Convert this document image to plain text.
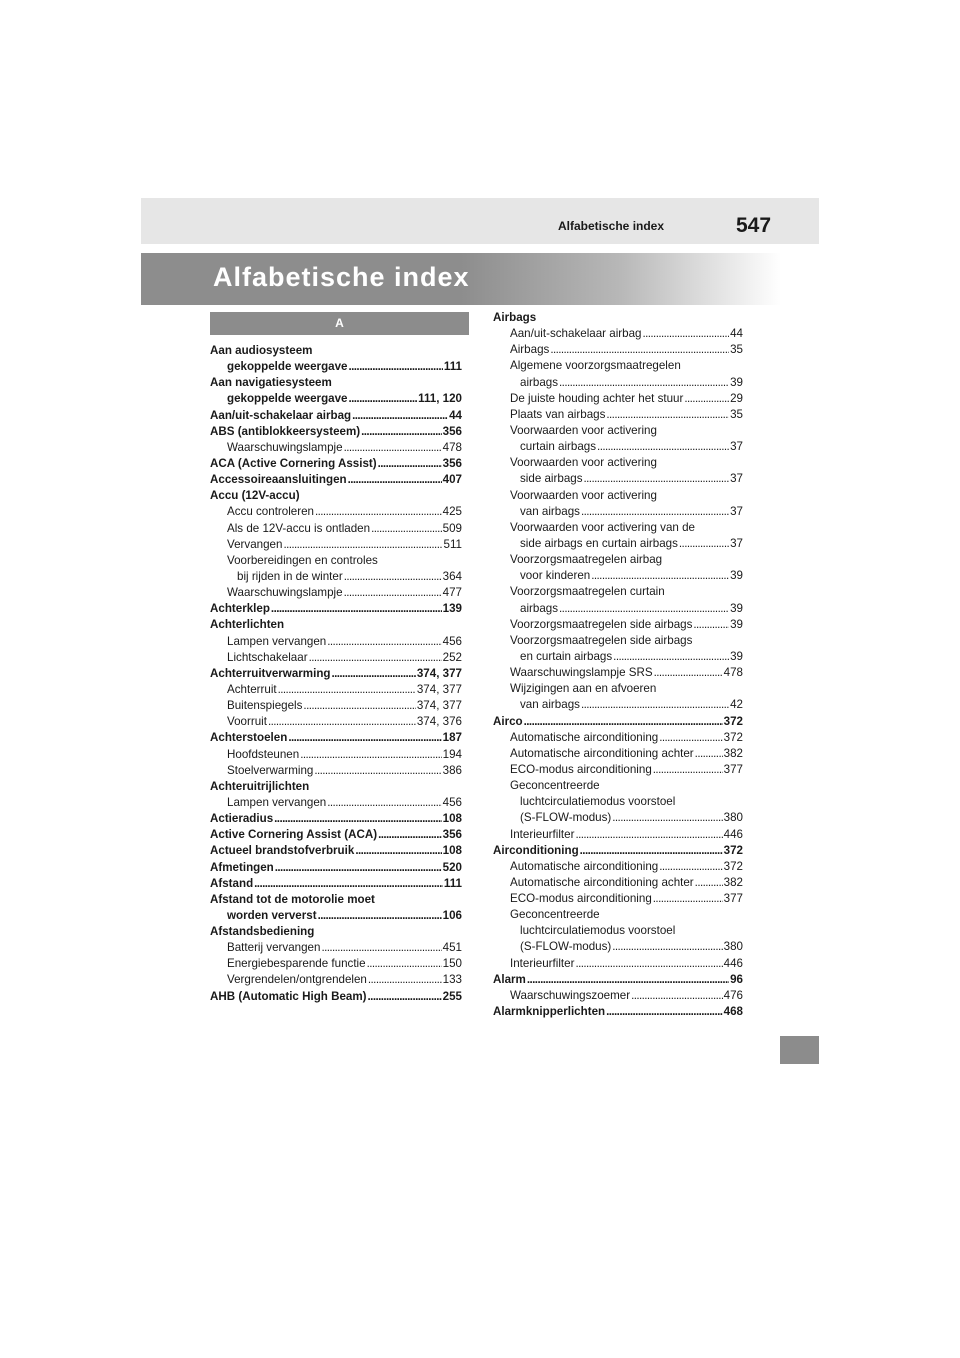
Alfabetische index	547
Alfabetische index
A
Aan audiosysteem
gekoppelde weergave . . .	111
Aan navigatiesysteem
gekoppelde weergave . . .	111, 120
Aan/uit-schakelaar airbag . . .	44
ABS (antiblokkeersysteem) . . .	356
Waarschuwingslampje . . .	478
ACA (Active Cornering Assist) . . .	356
Accessoireaansluitingen . . .	407
Accu (12V-accu)
Accu controleren . . .	425
Als de 12V-accu is ontladen . . .	509
Vervangen . . .	511
Voorbereidingen en controles
bij rijden in de winter . . .	364
Waarschuwingslampje . . .	477
Achterklep . . .	139
Achterlichten
Lampen vervangen . . .	456
Lichtschakelaar . . .	252
Achterruitverwarming . . .	374, 377
Achterruit . . .	374, 377
Buitenspiegels . . .	374, 377
Voorruit . . .	374, 376
Achterstoelen . . .	187
Hoofdsteunen . . .	194
Stoelverwarming . . .	386
Achteruitrijlichten
Lampen vervangen . . .	456
Actieradius . . .	108
Active Cornering Assist (ACA) . . .	356
Actueel brandstofverbruik . . .	108
Afmetingen . . .	520
Afstand . . .	111
Afstand tot de motorolie moet
worden ververst . . .	106
Afstandsbediening
Batterij vervangen . . .	451
Energiebesparende functie . . .	150
Vergrendelen/ontgrendelen . . .	133
AHB (Automatic High Beam) . . .	255
Airbags
Aan/uit-schakelaar airbag . . .	44
Airbags . . .	35
Algemene voorzorgsmaatregelen
airbags . . .	39
De juiste houding achter het stuur . . .	29
Plaats van airbags . . .	35
Voorwaarden voor activering
curtain airbags . . .	37
Voorwaarden voor activering
side airbags . . .	37
Voorwaarden voor activering
van airbags . . .	37
Voorwaarden voor activering van de
side airbags en curtain airbags . . .	37
Voorzorgsmaatregelen airbag
voor kinderen . . .	39
Voorzorgsmaatregelen curtain
airbags . . .	39
Voorzorgsmaatregelen side airbags . . .	39
Voorzorgsmaatregelen side airbags
en curtain airbags . . .	39
Waarschuwingslampje SRS . . .	478
Wijzigingen aan en afvoeren
van airbags . . .	42
Airco . . .	372
Automatische airconditioning . . .	372
Automatische airconditioning achter . . .	382
ECO-modus airconditioning . . .	377
Geconcentreerde
luchtcirculatiemodus voorstoel
(S-FLOW-modus) . . .	380
Interieurfilter . . .	446
Airconditioning . . .	372
Automatische airconditioning . . .	372
Automatische airconditioning achter . . .	382
ECO-modus airconditioning . . .	377
Geconcentreerde
luchtcirculatiemodus voorstoel
(S-FLOW-modus) . . .	380
Interieurfilter . . .	446
Alarm . . .	96
Waarschuwingszoemer . . .	476
Alarmknipperlichten . . .	468
